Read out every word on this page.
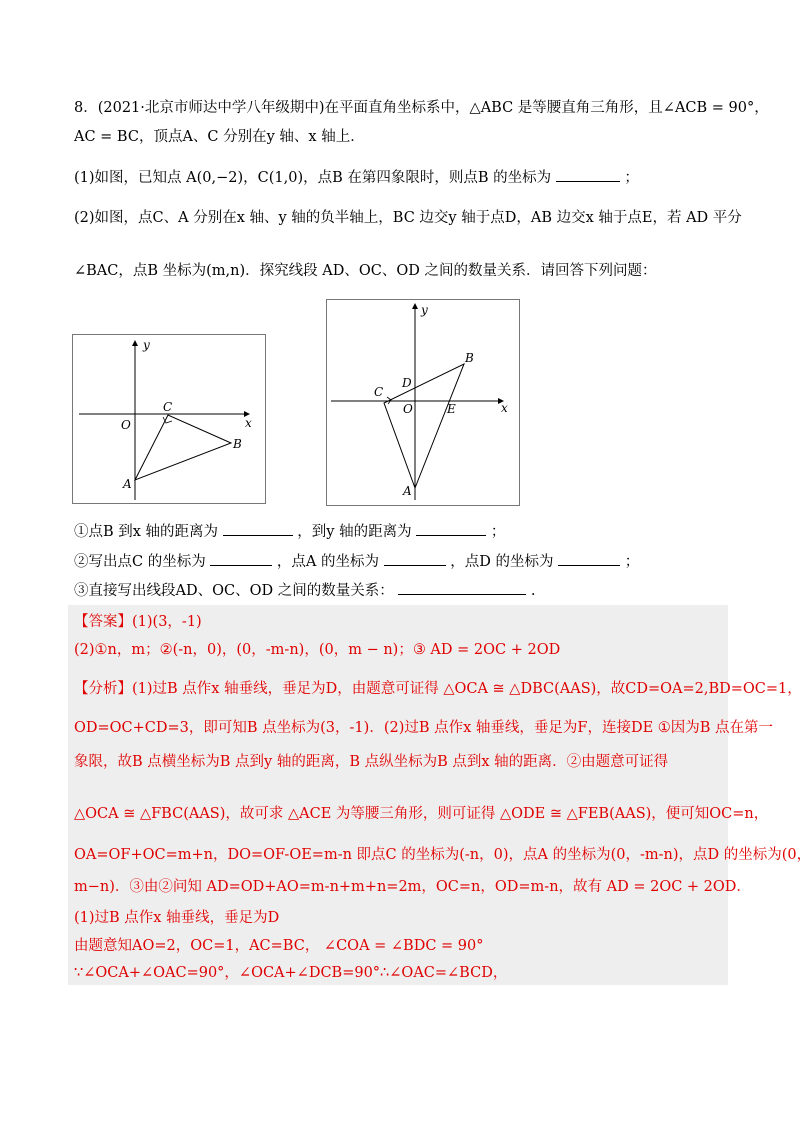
8．(2021·北京市师达中学八年级期中)在平面直角坐标系中，△ABC 是等腰直角三角形，且∠ACB = 90°，
AC = BC，顶点A、C 分别在y 轴、x 轴上．
(1)如图，已知点 A(0,−2)，C(1,0)，点B 在第四象限时，则点B 的坐标为	；
(2)如图，点C、A 分别在x 轴、y 轴的负半轴上，BC 边交y 轴于点D，AB 边交x 轴于点E，若 AD 平分
∠BAC，点B 坐标为(m,n)．探究线段 AD、OC、OD 之间的数量关系．请回答下列问题：
y
x
O
C
B
A
y
x
O
C
B
A
D
E
①点B 到x 轴的距离为	，到y 轴的距离为	；
②写出点C 的坐标为	，点A 的坐标为	，点D 的坐标为	；
③直接写出线段AD、OC、OD 之间的数量关系：	.
【答案】(1)(3，-1)
(2)①n，m；②(-n，0)，(0，-m-n)，(0，m − n)；③ AD = 2OC + 2OD
【分析】(1)过B 点作x 轴垂线，垂足为D，由题意可证得 △OCA ≅ △DBC(AAS)，故CD=OA=2,BD=OC=1，
OD=OC+CD=3，即可知B 点坐标为(3，-1)．(2)过B 点作x 轴垂线，垂足为F，连接DE ①因为B 点在第一
象限，故B 点横坐标为B 点到y 轴的距离，B 点纵坐标为B 点到x 轴的距离．②由题意可证得
△OCA ≅ △FBC(AAS)，故可求 △ACE 为等腰三角形，则可证得 △ODE ≅ △FEB(AAS)，便可知OC=n，
OA=OF+OC=m+n，DO=OF-OE=m-n 即点C 的坐标为(-n，0)，点A 的坐标为(0，-m-n)，点D 的坐标为(0，
m−n)．③由②问知 AD=OD+AO=m-n+m+n=2m，OC=n，OD=m-n，故有 AD = 2OC + 2OD．
(1)过B 点作x 轴垂线，垂足为D
由题意知AO=2，OC=1，AC=BC， ∠COA = ∠BDC = 90°
∵∠OCA+∠OAC=90°，∠OCA+∠DCB=90°∴∠OAC=∠BCD，
